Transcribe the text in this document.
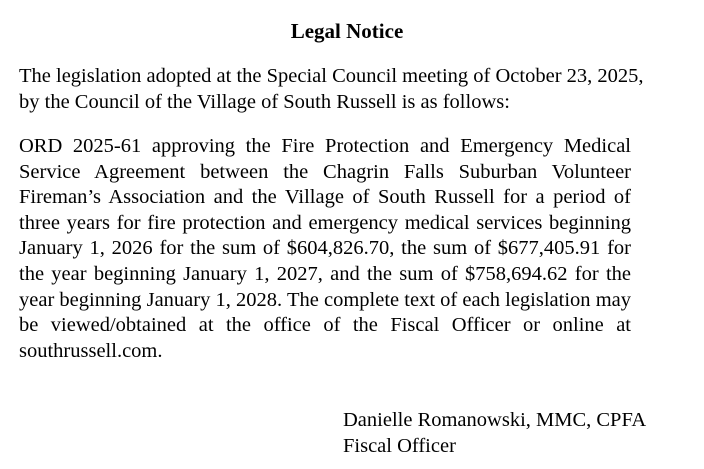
Legal Notice

The legislation adopted at the Special Council meeting of October 23, 2025, by the Council of the Village of South Russell is as follows:

ORD 2025-61 approving the Fire Protection and Emergency Medical Service Agreement between the Chagrin Falls Suburban Volunteer Fireman’s Association and the Village of South Russell for a period of three years for fire protection and emergency medical services beginning January 1, 2026 for the sum of $604,826.70, the sum of $677,405.91 for the year beginning January 1, 2027, and the sum of $758,694.62 for the year beginning January 1, 2028. The complete text of each legislation may be viewed/obtained at the office of the Fiscal Officer or online at southrussell.com.

Danielle Romanowski, MMC, CPFA
Fiscal Officer
